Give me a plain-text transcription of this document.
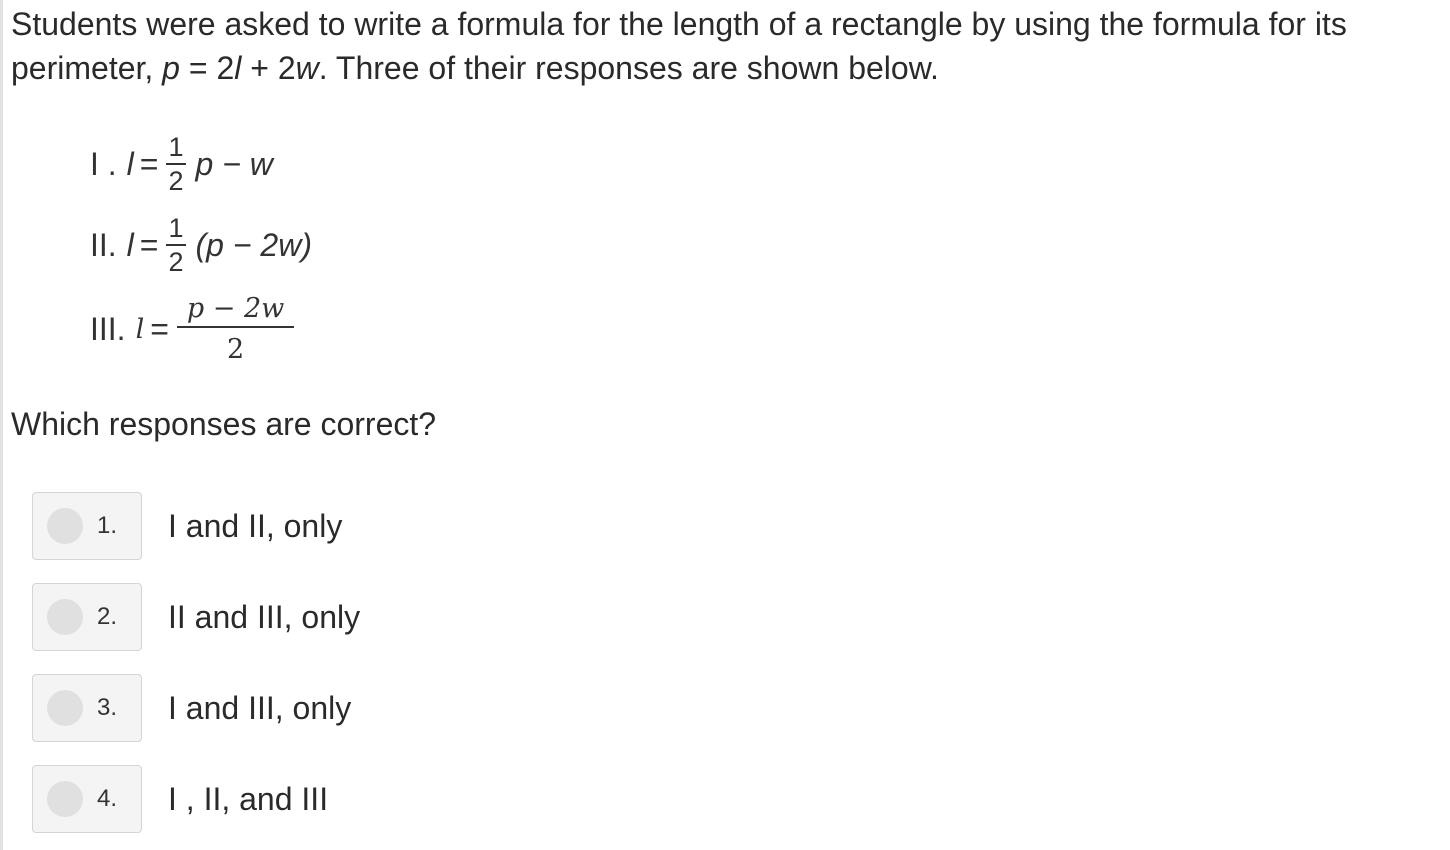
Students were asked to write a formula for the length of a rectangle by using the formula for its perimeter, p = 2l + 2w. Three of their responses are shown below.

I . $l = \frac{1}{2}$ p − w
II. $l = \frac{1}{2} (p - 2w)$
III. $l = \frac{p - 2w}{2}$

Which responses are correct?

1. I and II, only
2. II and III, only
3. I and III, only
4. I , II, and III
